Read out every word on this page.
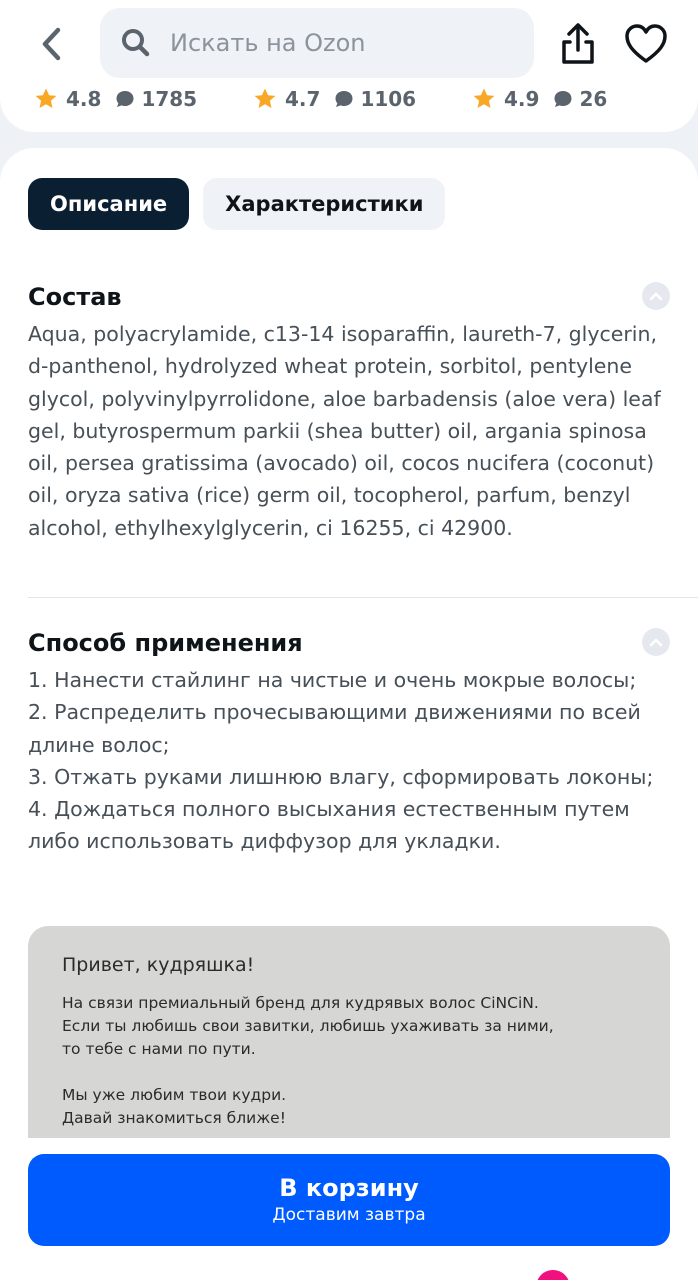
Искать на Ozon
4.8 1785	4.7 1106	4.9 26
Описание	Характеристики
Состав

Aqua, polyacrylamide, c13-14 isoparaffin, laureth-7, glycerin, d-panthenol, hydrolyzed wheat protein, sorbitol, pentylene glycol, polyvinylpyrrolidone, aloe barbadensis (aloe vera) leaf gel, butyrospermum parkii (shea butter) oil, argania spinosa oil, persea gratissima (avocado) oil, cocos nucifera (coconut) oil, oryza sativa (rice) germ oil, tocopherol, parfum, benzyl alcohol, ethylhexylglycerin, ci 16255, ci 42900.

Способ применения

1. Нанести стайлинг на чистые и очень мокрые волосы;
2. Распределить прочесывающими движениями по всей длине волос;
3. Отжать руками лишнюю влагу, сформировать локоны;
4. Дождаться полного высыхания естественным путем либо использовать диффузор для укладки.

Привет, кудряшка!
На связи премиальный бренд для кудрявых волос CiNCiN.
Если ты любишь свои завитки, любишь ухаживать за ними,
то тебе с нами по пути.
Мы уже любим твои кудри.
Давай знакомиться ближе!
В корзину
Доставим завтра
